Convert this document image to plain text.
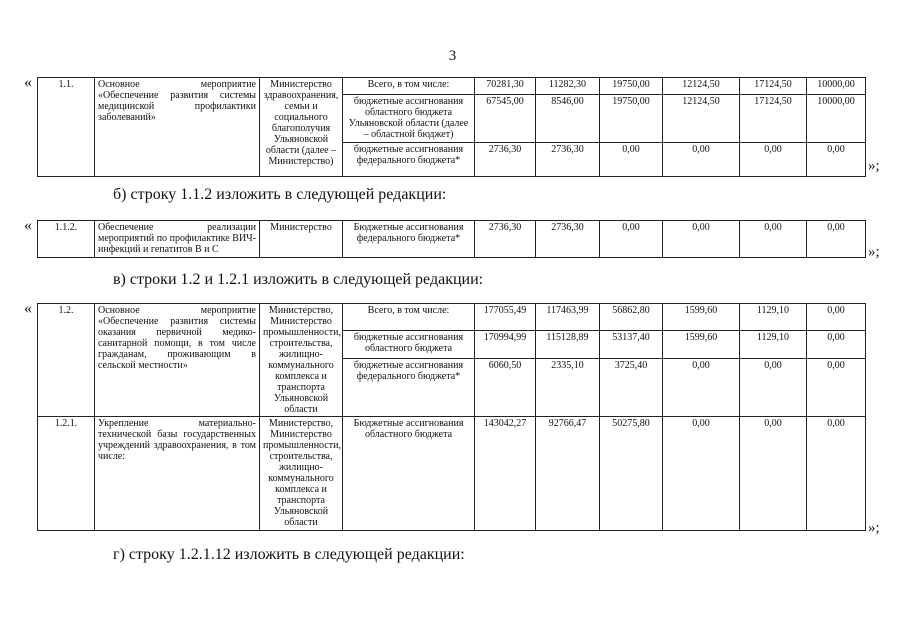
3
«	1.1.	Основное мероприятие «Обеспечение развития системы медицинской профилактики заболеваний»	Министерство здравоохранения, семьи и социального благополучия Ульяновской области (далее – Министерство)	Всего, в том числе:	70281,30	11282,30	19750,00	12124,50	17124,50	10000,00
			бюджетные ассигнования областного бюджета Ульяновской области (далее – областной бюджет)	67545,00	8546,00	19750,00	12124,50	17124,50	10000,00
			бюджетные ассигнования федерального бюджета*	2736,30	2736,30	0,00	0,00	0,00	0,00
»;
б) строку 1.1.2 изложить в следующей редакции:
« 1.1.2.	Обеспечение реализации мероприятий по профилактике ВИЧ-инфекций и гепатитов В и С	Министерство	Бюджетные ассигнования федерального бюджета*	2736,30	2736,30	0,00	0,00	0,00	0,00
»;
в) строки 1.2 и 1.2.1 изложить в следующей редакции:
«	1.2.	Основное мероприятие «Обеспечение развития системы оказания первичной медико-санитарной помощи, в том числе гражданам, проживающим в сельской местности»	Министерство, Министерство промышленности, строительства, жилищно-коммунального комплекса и транспорта Ульяновской области	Всего, в том числе:	177055,49	117463,99	56862,80	1599,60	1129,10	0,00
			бюджетные ассигнования областного бюджета	170994,99	115128,89	53137,40	1599,60	1129,10	0,00
			бюджетные ассигнования федерального бюджета*	6060,50	2335,10	3725,40	0,00	0,00	0,00
1.2.1.	Укрепление материально-технической базы государственных учреждений здравоохранения, в том числе:	Министерство, Министерство промышленности, строительства, жилищно-коммунального комплекса и транспорта Ульяновской области	Бюджетные ассигнования областного бюджета	143042,27	92766,47	50275,80	0,00	0,00	0,00
»;
г) строку 1.2.1.12 изложить в следующей редакции:
